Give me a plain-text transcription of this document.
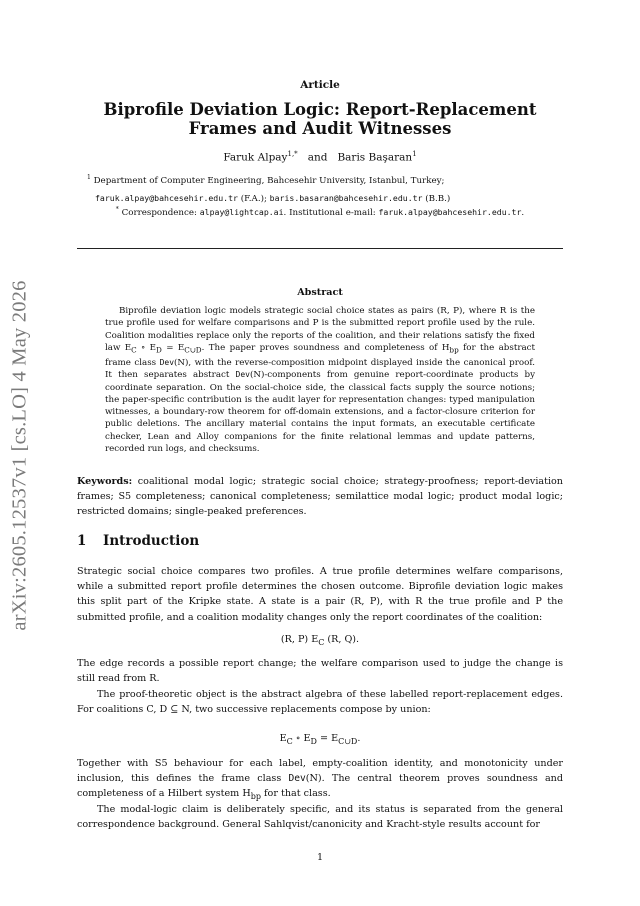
arXiv:2605.12537v1 [cs.LO] 4 May 2026
Article
Biprofile Deviation Logic: Report-Replacement
Frames and Audit Witnesses
Faruk Alpay$^{1,*}$ and Baris Başaran$^1$
$^1$ Department of Computer Engineering, Bahcesehir University, Istanbul, Turkey;
faruk.alpay@bahcesehir.edu.tr (F.A.); baris.basaran@bahcesehir.edu.tr (B.B.)
* Correspondence: alpay@lightcap.ai. Institutional e-mail: faruk.alpay@bahcesehir.edu.tr.
Abstract
Biprofile deviation logic models strategic social choice states as pairs (R, P), where R is the true profile used for welfare comparisons and P is the submitted report profile used by the rule. Coalition modalities replace only the reports of the coalition, and their relations satisfy the fixed law $E_C$ ∘ $E_D = E_{C\cup D}$. The paper proves soundness and completeness of $H_{bp}$ for the abstract frame class Dev(N), with the reverse-composition midpoint displayed inside the canonical proof. It then separates abstract Dev(N)-components from genuine report-coordinate products by coordinate separation. On the social-choice side, the classical facts supply the source notions; the paper-specific contribution is the audit layer for representation changes: typed manipulation witnesses, a boundary-row theorem for off-domain extensions, and a factor-closure criterion for public deletions. The ancillary material contains the input formats, an executable certificate checker, Lean and Alloy companions for the finite relational lemmas and update patterns, recorded run logs, and checksums.
Keywords: coalitional modal logic; strategic social choice; strategy-proofness; report-deviation frames; S5 completeness; canonical completeness; semilattice modal logic; product modal logic; restricted domains; single-peaked preferences.
1 Introduction
Strategic social choice compares two profiles. A true profile determines welfare comparisons, while a submitted report profile determines the chosen outcome. Biprofile deviation logic makes this split part of the Kripke state. A state is a pair (R, P), with R the true profile and P the submitted profile, and a coalition modality changes only the report coordinates of the coalition:
(R, P) $E_C$ (R, Q).
The edge records a possible report change; the welfare comparison used to judge the change is still read from R.
The proof-theoretic object is the abstract algebra of these labelled report-replacement edges. For coalitions C, D ⊆ N, two successive replacements compose by union:
$E_C$ ∘ $E_D = E_{C\cup D}$.
Together with S5 behaviour for each label, empty-coalition identity, and monotonicity under inclusion, this defines the frame class Dev(N). The central theorem proves soundness and completeness of a Hilbert system $H_{bp}$ for that class.
The modal-logic claim is deliberately specific, and its status is separated from the general correspondence background. General Sahlqvist/canonicity and Kracht-style results account for
1
